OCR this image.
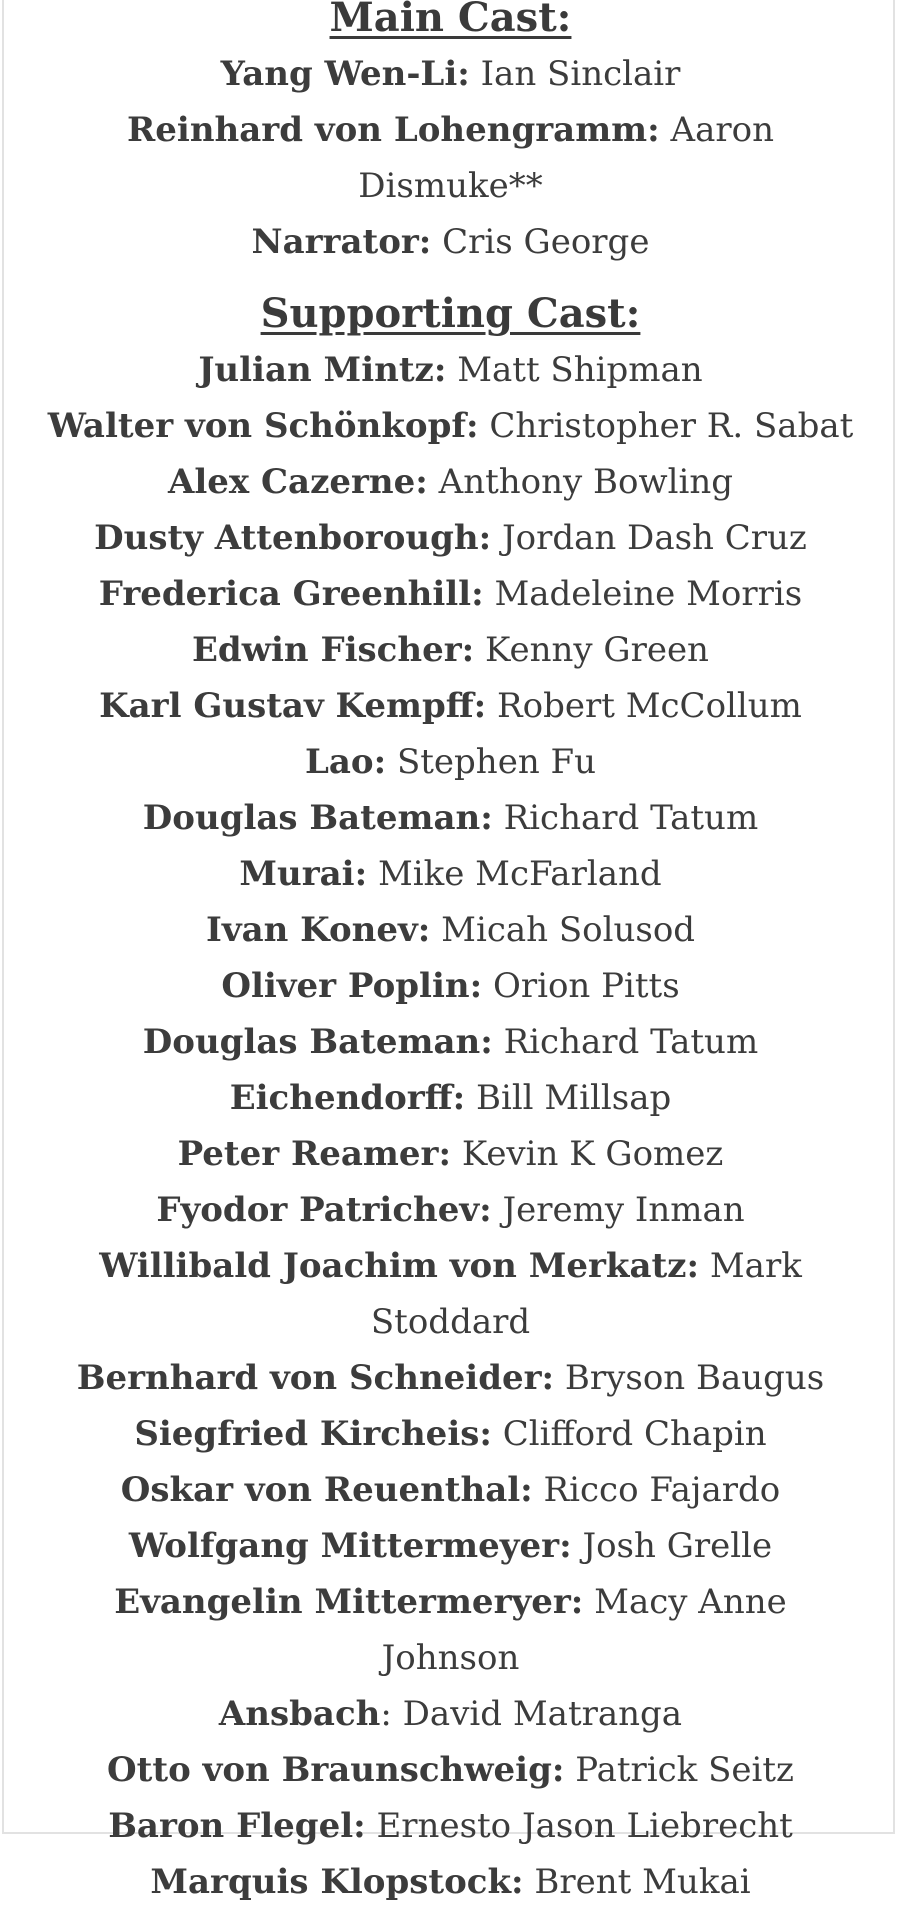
Main Cast:
Yang Wen-Li: Ian Sinclair
Reinhard von Lohengramm: Aaron Dismuke**
Narrator: Cris George
Supporting Cast:
Julian Mintz: Matt Shipman
Walter von Schönkopf: Christopher R. Sabat
Alex Cazerne: Anthony Bowling
Dusty Attenborough: Jordan Dash Cruz
Frederica Greenhill: Madeleine Morris
Edwin Fischer: Kenny Green
Karl Gustav Kempff: Robert McCollum
Lao: Stephen Fu
Douglas Bateman: Richard Tatum
Murai: Mike McFarland
Ivan Konev: Micah Solusod
Oliver Poplin: Orion Pitts
Douglas Bateman: Richard Tatum
Eichendorff: Bill Millsap
Peter Reamer: Kevin K Gomez
Fyodor Patrichev: Jeremy Inman
Willibald Joachim von Merkatz: Mark Stoddard
Bernhard von Schneider: Bryson Baugus
Siegfried Kircheis: Clifford Chapin
Oskar von Reuenthal: Ricco Fajardo
Wolfgang Mittermeyer: Josh Grelle
Evangelin Mittermeryer: Macy Anne Johnson
Ansbach: David Matranga
Otto von Braunschweig: Patrick Seitz
Baron Flegel: Ernesto Jason Liebrecht
Marquis Klopstock: Brent Mukai
